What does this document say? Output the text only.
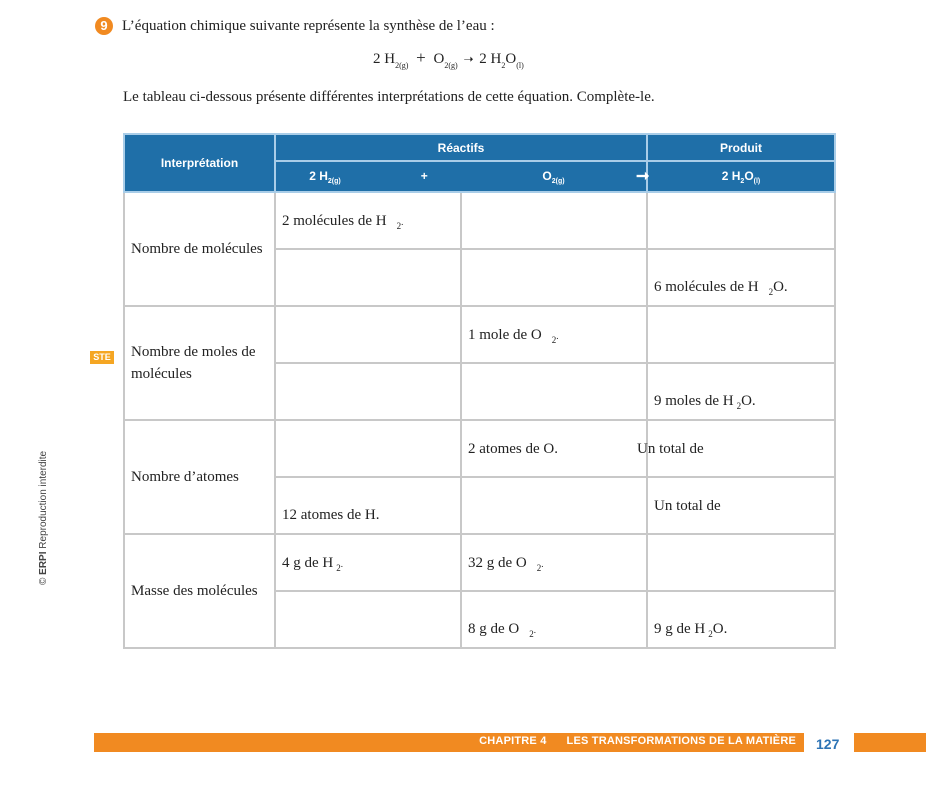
9 L’équation chimique suivante représente la synthèse de l’eau :
2 $H_{2(g)} + O_{2(g)}$ ➝ 2 $H_2O_{(l)}$
Le tableau ci-dessous présente différentes interprétations de cette équation. Complète-le.
© ERPI Reproduction interdite
STE
Interprétation	Réactifs		Produit

	2 $H_{2(g)} + O_{2(g)}$		➞ 2 $H_2O_{(l)}$
Nombre de molécules	2 molécules de H $_2$.		

			6 molécules de H $_2$O.

Nombre de moles de molécules		1 mole de O $_2$.	

			9 moles de H $_2$O.

Nombre d’atomes		2 atomes de O.	Un total de

	12 atomes de H.		Un total de

Masse des molécules	4 g de H $_2$.	32 g de O $_2$.	

		8 g de O $_2$.	9 g de H $_2$O.
CHAPITRE 4 LES TRANSFORMATIONS DE LA MATIÈRE 127
